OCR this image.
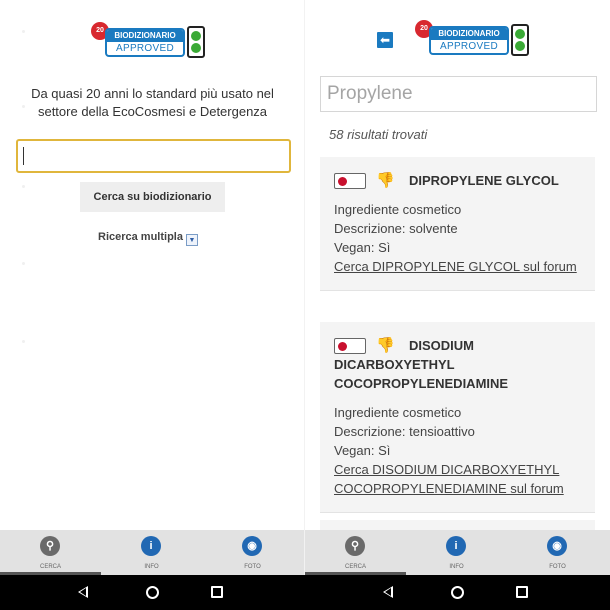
20
BIODIZIONARIO
APPROVED
Da quasi 20 anni lo standard più usato nel settore della EcoCosmesi e Detergenza
Cerca su biodizionario
Ricerca multipla ▼
⚲
CERCA
i
INFO
◉
FOTO
⬅
20
BIODIZIONARIO
APPROVED
Propylene
58 risultati trovati
👎	DIPROPYLENE GLYCOL
Ingrediente cosmetico
Descrizione: solvente
Vegan: Sì
Cerca DIPROPYLENE GLYCOL sul forum
👎	DISODIUM DICARBOXYETHYL COCOPROPYLENEDIAMINE
Ingrediente cosmetico
Descrizione: tensioattivo
Vegan: Sì
Cerca DISODIUM DICARBOXYETHYL COCOPROPYLENEDIAMINE sul forum
⚲
CERCA
i
INFO
◉
FOTO
